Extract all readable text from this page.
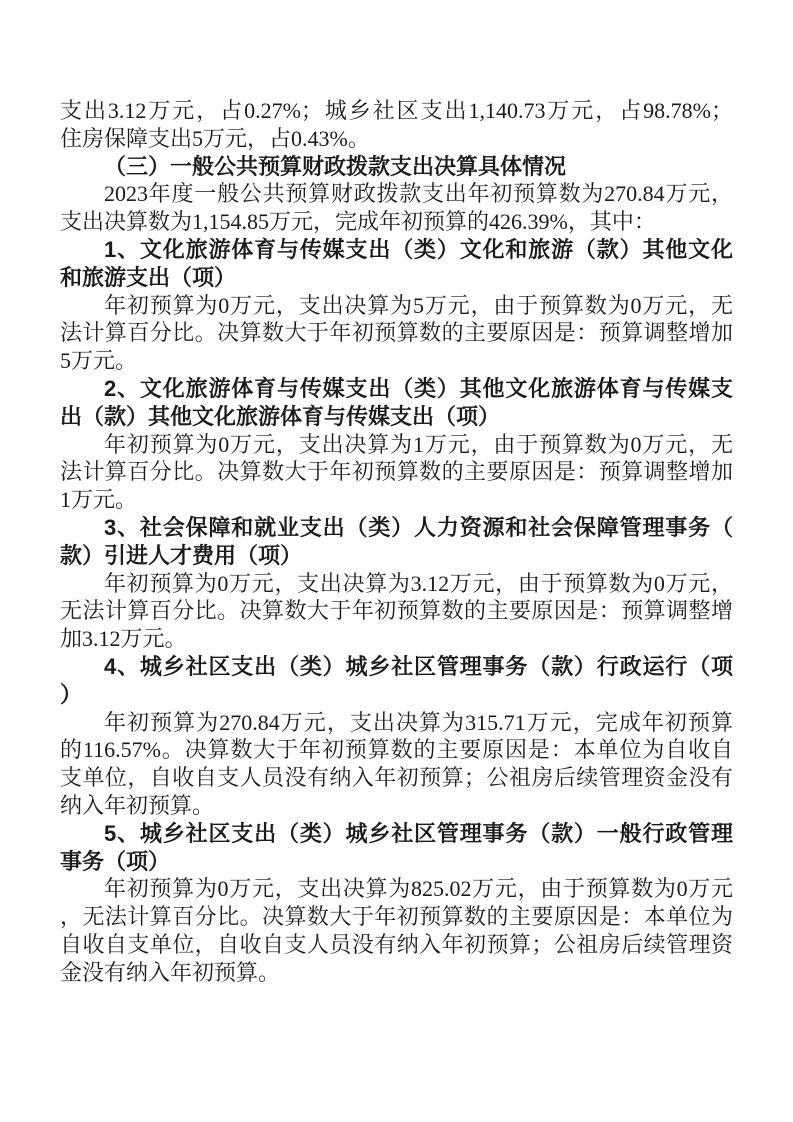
支出3.12万元，占0.27%；城乡社区支出1,140.73万元，占98.78%；
住房保障支出5万元，占0.43%。
（三）一般公共预算财政拨款支出决算具体情况
2023年度一般公共预算财政拨款支出年初预算数为270.84万元，
支出决算数为1,154.85万元，完成年初预算的426.39%，其中：
1、文化旅游体育与传媒支出（类）文化和旅游（款）其他文化
和旅游支出（项）
年初预算为0万元，支出决算为5万元，由于预算数为0万元，无
法计算百分比。决算数大于年初预算数的主要原因是：预算调整增加
5万元。
2、文化旅游体育与传媒支出（类）其他文化旅游体育与传媒支
出（款）其他文化旅游体育与传媒支出（项）
年初预算为0万元，支出决算为1万元，由于预算数为0万元，无
法计算百分比。决算数大于年初预算数的主要原因是：预算调整增加
1万元。
3、社会保障和就业支出（类）人力资源和社会保障管理事务（
款）引进人才费用（项）
年初预算为0万元，支出决算为3.12万元，由于预算数为0万元，
无法计算百分比。决算数大于年初预算数的主要原因是：预算调整增
加3.12万元。
4、城乡社区支出（类）城乡社区管理事务（款）行政运行（项
）
年初预算为270.84万元，支出决算为315.71万元，完成年初预算
的116.57%。决算数大于年初预算数的主要原因是：本单位为自收自
支单位，自收自支人员没有纳入年初预算；公祖房后续管理资金没有
纳入年初预算。
5、城乡社区支出（类）城乡社区管理事务（款）一般行政管理
事务（项）
年初预算为0万元，支出决算为825.02万元，由于预算数为0万元
，无法计算百分比。决算数大于年初预算数的主要原因是：本单位为
自收自支单位，自收自支人员没有纳入年初预算；公祖房后续管理资
金没有纳入年初预算。
